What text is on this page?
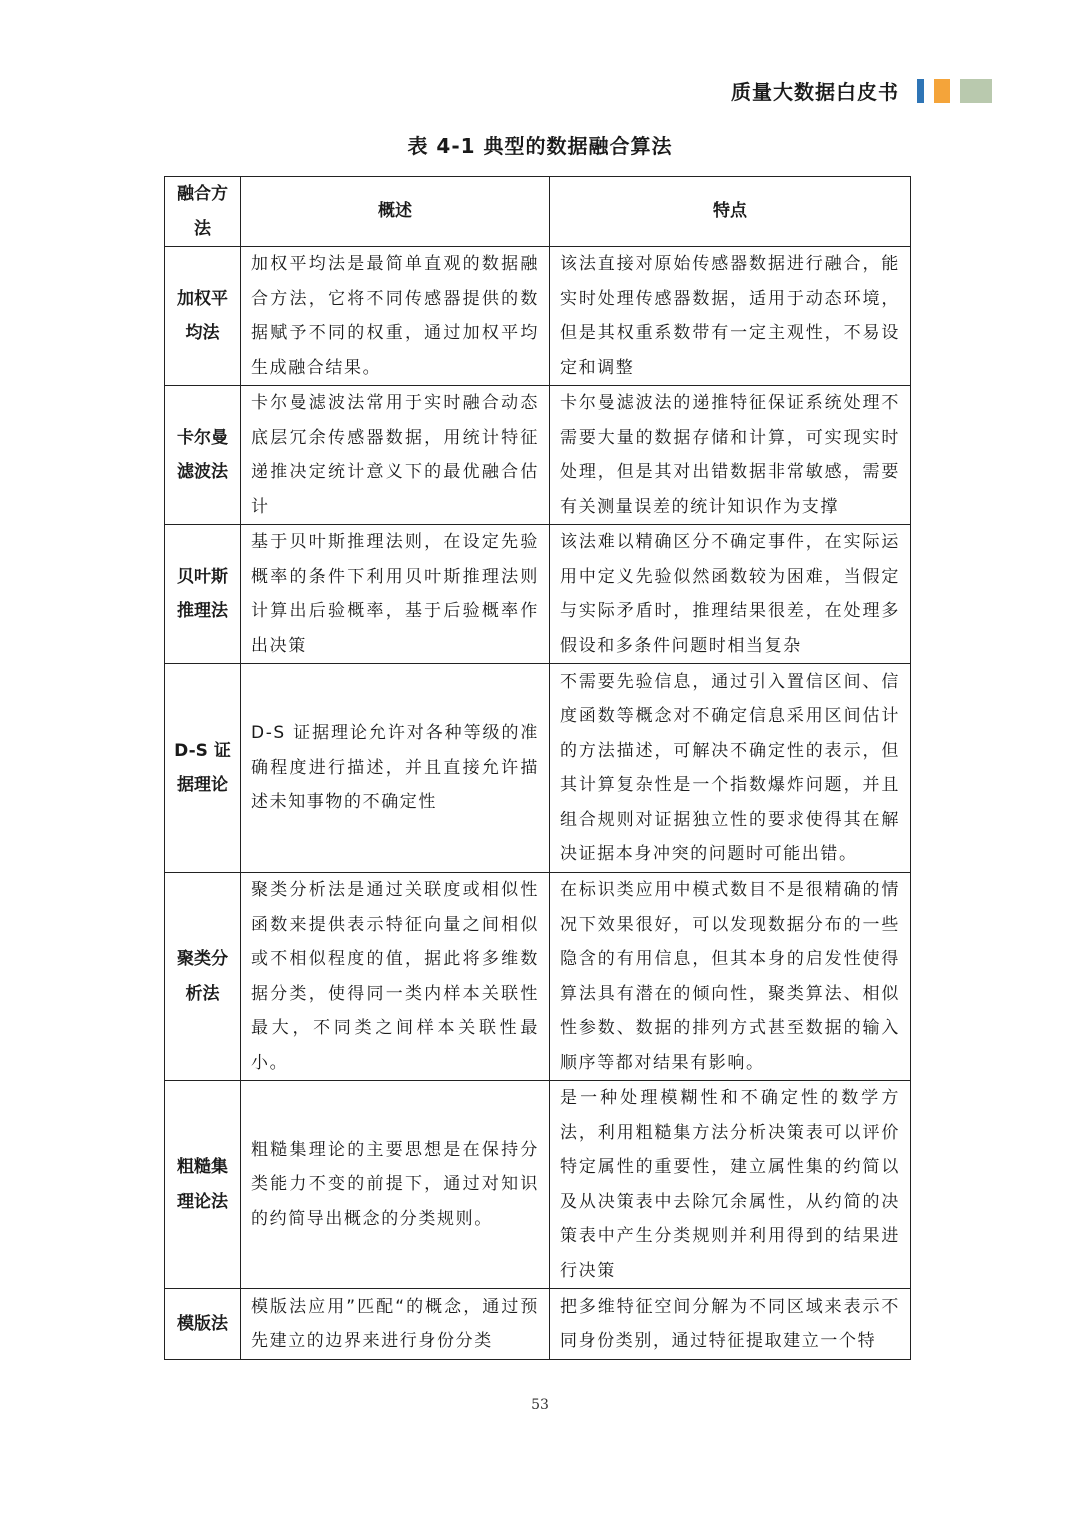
质量大数据白皮书
表 4-1 典型的数据融合算法
融合方法	概述	特点
加权平均法	加权平均法是最简单直观的数据融合方法，它将不同传感器提供的数据赋予不同的权重，通过加权平均生成融合结果。	该法直接对原始传感器数据进行融合，能实时处理传感器数据，适用于动态环境，但是其权重系数带有一定主观性，不易设定和调整
卡尔曼滤波法	卡尔曼滤波法常用于实时融合动态底层冗余传感器数据，用统计特征递推决定统计意义下的最优融合估计	卡尔曼滤波法的递推特征保证系统处理不需要大量的数据存储和计算，可实现实时处理，但是其对出错数据非常敏感，需要有关测量误差的统计知识作为支撑
贝叶斯推理法	基于贝叶斯推理法则，在设定先验概率的条件下利用贝叶斯推理法则计算出后验概率，基于后验概率作出决策	该法难以精确区分不确定事件，在实际运用中定义先验似然函数较为困难，当假定与实际矛盾时，推理结果很差，在处理多假设和多条件问题时相当复杂
D-S 证据理论	D-S 证据理论允许对各种等级的准确程度进行描述，并且直接允许描述未知事物的不确定性	不需要先验信息，通过引入置信区间、信度函数等概念对不确定信息采用区间估计的方法描述，可解决不确定性的表示，但其计算复杂性是一个指数爆炸问题，并且组合规则对证据独立性的要求使得其在解决证据本身冲突的问题时可能出错。
聚类分析法	聚类分析法是通过关联度或相似性函数来提供表示特征向量之间相似或不相似程度的值，据此将多维数据分类，使得同一类内样本关联性最大，不同类之间样本关联性最小。	在标识类应用中模式数目不是很精确的情况下效果很好，可以发现数据分布的一些隐含的有用信息，但其本身的启发性使得算法具有潜在的倾向性，聚类算法、相似性参数、数据的排列方式甚至数据的输入顺序等都对结果有影响。
粗糙集理论法	粗糙集理论的主要思想是在保持分类能力不变的前提下，通过对知识的约简导出概念的分类规则。	是一种处理模糊性和不确定性的数学方法，利用粗糙集方法分析决策表可以评价特定属性的重要性，建立属性集的约简以及从决策表中去除冗余属性，从约简的决策表中产生分类规则并利用得到的结果进行决策
模版法	模版法应用”匹配“的概念，通过预先建立的边界来进行身份分类	把多维特征空间分解为不同区域来表示不同身份类别，通过特征提取建立一个特
53
